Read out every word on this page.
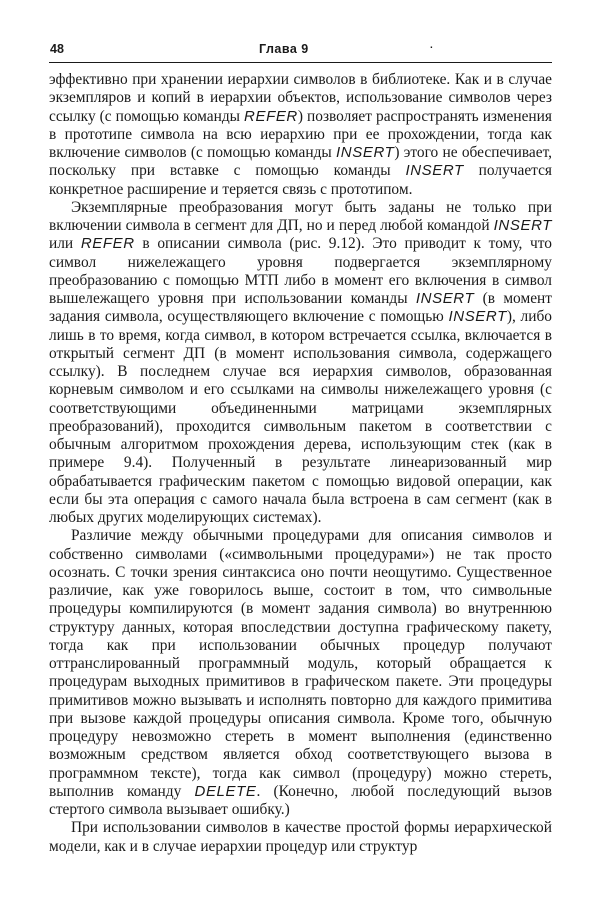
48	Глава 9	.

эффективно при хранении иерархии символов в библиотеке. Как и в случае экземпляров и копий в иерархии объектов, использование символов через ссылку (с помощью команды REFER) позволяет распространять изменения в прототипе символа на всю иерархию при ее прохождении, тогда как включение символов (с помощью команды INSERT) этого не обеспечивает, поскольку при вставке с помощью команды INSERT получается конкретное расширение и теряется связь с прототипом.

Экземплярные преобразования могут быть заданы не только при включении символа в сегмент для ДП, но и перед любой командой INSERT или REFER в описании символа (рис. 9.12). Это приводит к тому, что символ нижележащего уровня подвергается экземплярному преобразованию с помощью МТП либо в момент его включения в символ вышележащего уровня при использовании команды INSERT (в момент задания символа, осуществляющего включение с помощью INSERT), либо лишь в то время, когда символ, в котором встречается ссылка, включается в открытый сегмент ДП (в момент использования символа, содержащего ссылку). В последнем случае вся иерархия символов, образованная корневым символом и его ссылками на символы нижележащего уровня (с соответствующими объединенными матрицами экземплярных преобразований), проходится символьным пакетом в соответствии с обычным алгоритмом прохождения дерева, использующим стек (как в примере 9.4). Полученный в результате линеаризованный мир обрабатывается графическим пакетом с помощью видовой операции, как если бы эта операция с самого начала была встроена в сам сегмент (как в любых других моделирующих системах).

Различие между обычными процедурами для описания символов и собственно символами («символьными процедурами») не так просто осознать. С точки зрения синтаксиса оно почти неощутимо. Существенное различие, как уже говорилось выше, состоит в том, что символьные процедуры компилируются (в момент задания символа) во внутреннюю структуру данных, которая впоследствии доступна графическому пакету, тогда как при использовании обычных процедур получают оттранслированный программный модуль, который обращается к процедурам выходных примитивов в графическом пакете. Эти процедуры примитивов можно вызывать и исполнять повторно для каждого примитива при вызове каждой процедуры описания символа. Кроме того, обычную процедуру невозможно стереть в момент выполнения (единственно возможным средством является обход соответствующего вызова в программном тексте), тогда как символ (процедуру) можно стереть, выполнив команду DELETE. (Конечно, любой последующий вызов стертого символа вызывает ошибку.)

При использовании символов в качестве простой формы иерархической модели, как и в случае иерархии процедур или структур
